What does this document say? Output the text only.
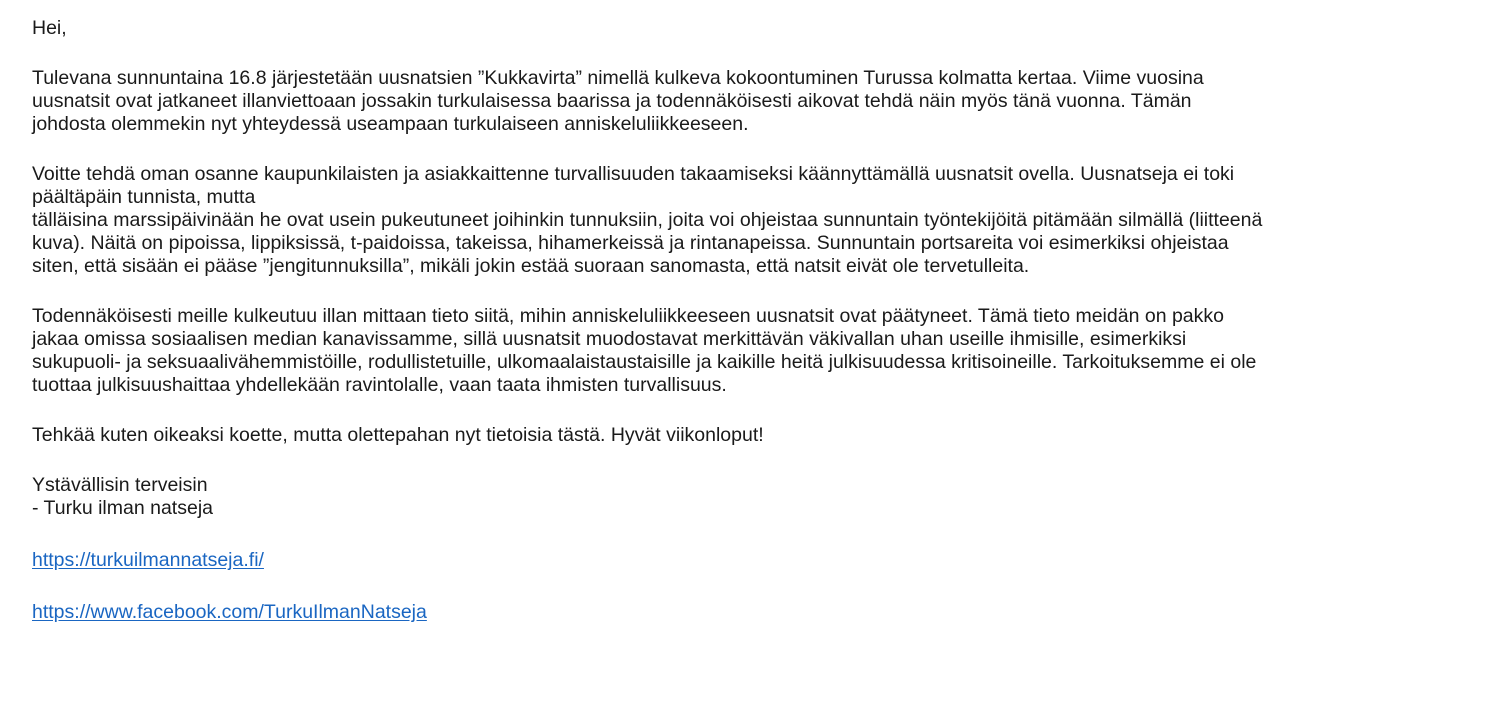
Hei,
Tulevana sunnuntaina 16.8 järjestetään uusnatsien ”Kukkavirta” nimellä kulkeva kokoontuminen Turussa kolmatta kertaa. Viime vuosina
uusnatsit ovat jatkaneet illanviettoaan jossakin turkulaisessa baarissa ja todennäköisesti aikovat tehdä näin myös tänä vuonna. Tämän
johdosta olemmekin nyt yhteydessä useampaan turkulaiseen anniskeluliikkeeseen.
Voitte tehdä oman osanne kaupunkilaisten ja asiakkaittenne turvallisuuden takaamiseksi käännyttämällä uusnatsit ovella. Uusnatseja ei toki
päältäpäin tunnista, mutta
tälläisina marssipäivinään he ovat usein pukeutuneet joihinkin tunnuksiin, joita voi ohjeistaa sunnuntain työntekijöitä pitämään silmällä (liitteenä
kuva). Näitä on pipoissa, lippiksissä, t-paidoissa, takeissa, hihamerkeissä ja rintanapeissa. Sunnuntain portsareita voi esimerkiksi ohjeistaa
siten, että sisään ei pääse ”jengitunnuksilla”, mikäli jokin estää suoraan sanomasta, että natsit eivät ole tervetulleita.
Todennäköisesti meille kulkeutuu illan mittaan tieto siitä, mihin anniskeluliikkeeseen uusnatsit ovat päätyneet. Tämä tieto meidän on pakko
jakaa omissa sosiaalisen median kanavissamme, sillä uusnatsit muodostavat merkittävän väkivallan uhan useille ihmisille, esimerkiksi
sukupuoli- ja seksuaalivähemmistöille, rodullistetuille, ulkomaalaistaustaisille ja kaikille heitä julkisuudessa kritisoineille. Tarkoituksemme ei ole
tuottaa julkisuushaittaa yhdellekään ravintolalle, vaan taata ihmisten turvallisuus.
Tehkää kuten oikeaksi koette, mutta olettepahan nyt tietoisia tästä. Hyvät viikonloput!
Ystävällisin terveisin
- Turku ilman natseja
https://turkuilmannatseja.fi/
https://www.facebook.com/TurkuIlmanNatseja
